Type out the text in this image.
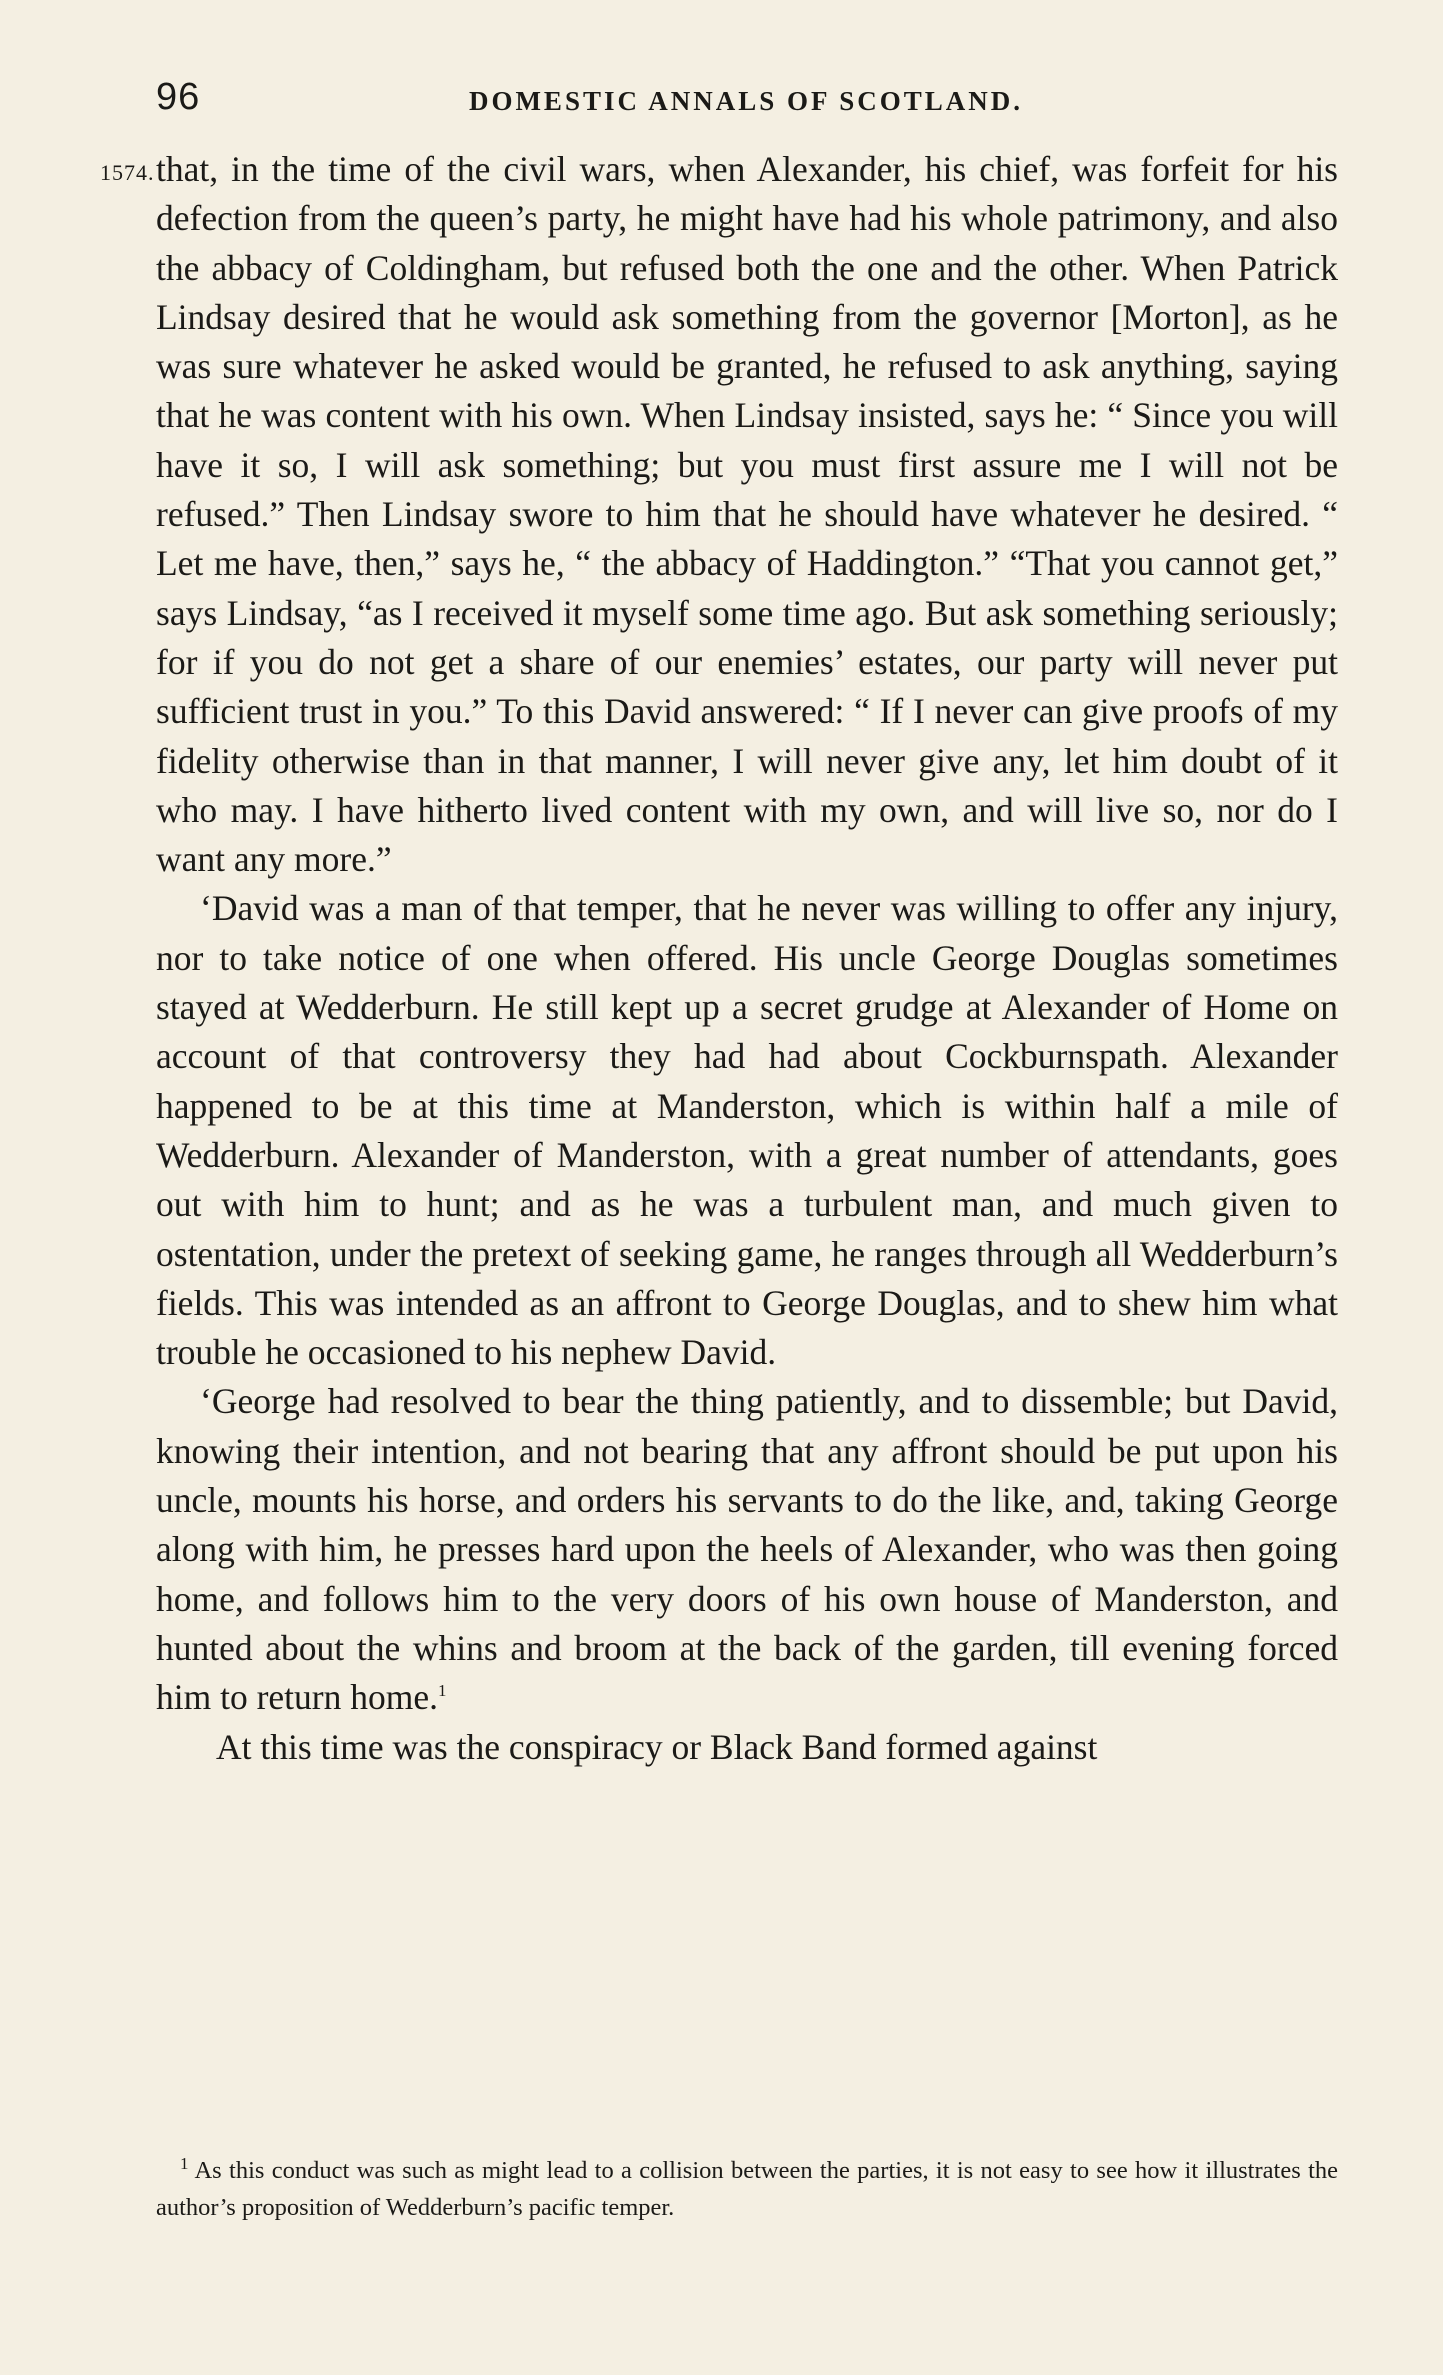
96	DOMESTIC ANNALS OF SCOTLAND.
1574. that, in the time of the civil wars, when Alexander, his chief, was forfeit for his defection from the queen’s party, he might have had his whole patrimony, and also the abbacy of Coldingham, but refused both the one and the other. When Patrick Lindsay desired that he would ask something from the governor [Morton], as he was sure whatever he asked would be granted, he refused to ask anything, saying that he was content with his own. When Lindsay insisted, says he: “ Since you will have it so, I will ask something; but you must first assure me I will not be refused.” Then Lindsay swore to him that he should have whatever he desired. “ Let me have, then,” says he, “ the abbacy of Haddington.” “That you cannot get,” says Lindsay, “as I received it myself some time ago. But ask something seriously; for if you do not get a share of our enemies’ estates, our party will never put sufficient trust in you.” To this David answered: “ If I never can give proofs of my fidelity otherwise than in that manner, I will never give any, let him doubt of it who may. I have hitherto lived content with my own, and will live so, nor do I want any more.”

‘David was a man of that temper, that he never was willing to offer any injury, nor to take notice of one when offered. His uncle George Douglas sometimes stayed at Wedderburn. He still kept up a secret grudge at Alexander of Home on account of that controversy they had had about Cockburnspath. Alexander happened to be at this time at Manderston, which is within half a mile of Wedderburn. Alexander of Manderston, with a great number of attendants, goes out with him to hunt; and as he was a turbulent man, and much given to ostentation, under the pretext of seeking game, he ranges through all Wedderburn’s fields. This was intended as an affront to George Douglas, and to shew him what trouble he occasioned to his nephew David.

‘George had resolved to bear the thing patiently, and to dissemble; but David, knowing their intention, and not bearing that any affront should be put upon his uncle, mounts his horse, and orders his servants to do the like, and, taking George along with him, he presses hard upon the heels of Alexander, who was then going home, and follows him to the very doors of his own house of Manderston, and hunted about the whins and broom at the back of the garden, till evening forced him to return home.$^1$

At this time was the conspiracy or Black Band formed against

$^1$ As this conduct was such as might lead to a collision between the parties, it is not easy to see how it illustrates the author’s proposition of Wedderburn’s pacific temper.
